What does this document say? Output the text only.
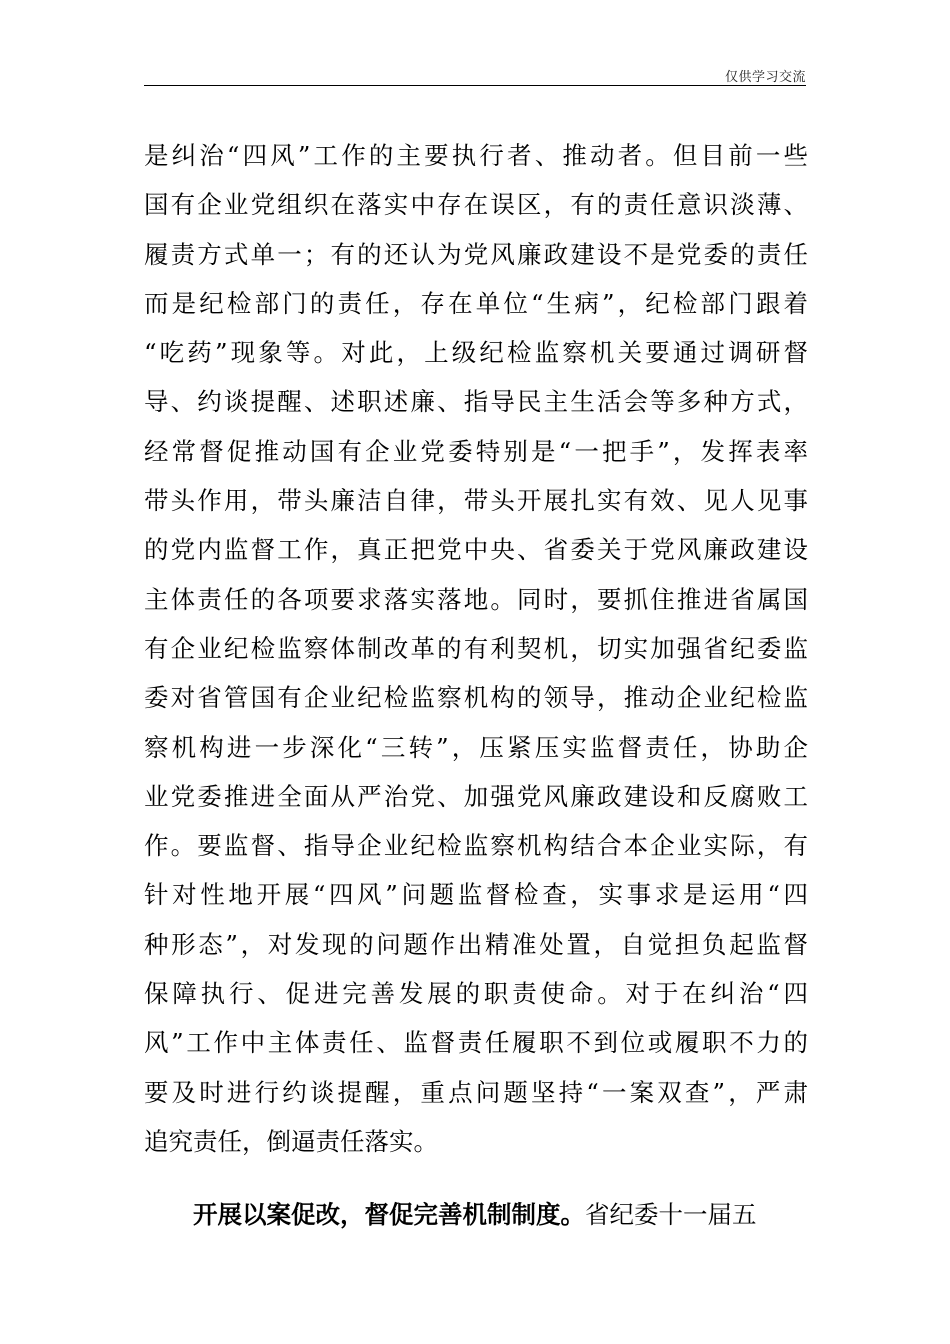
仅供学习交流
是纠治“四风”工作的主要执行者、推动者。但目前一些
国有企业党组织在落实中存在误区，有的责任意识淡薄、
履责方式单一；有的还认为党风廉政建设不是党委的责任
而是纪检部门的责任，存在单位“生病”，纪检部门跟着
“吃药”现象等。对此，上级纪检监察机关要通过调研督
导、约谈提醒、述职述廉、指导民主生活会等多种方式，
经常督促推动国有企业党委特别是“一把手”，发挥表率
带头作用，带头廉洁自律，带头开展扎实有效、见人见事
的党内监督工作，真正把党中央、省委关于党风廉政建设
主体责任的各项要求落实落地。同时，要抓住推进省属国
有企业纪检监察体制改革的有利契机，切实加强省纪委监
委对省管国有企业纪检监察机构的领导，推动企业纪检监
察机构进一步深化“三转”，压紧压实监督责任，协助企
业党委推进全面从严治党、加强党风廉政建设和反腐败工
作。要监督、指导企业纪检监察机构结合本企业实际，有
针对性地开展“四风”问题监督检查，实事求是运用“四
种形态”，对发现的问题作出精准处置，自觉担负起监督
保障执行、促进完善发展的职责使命。对于在纠治“四
风”工作中主体责任、监督责任履职不到位或履职不力的
要及时进行约谈提醒，重点问题坚持“一案双查”，严肃
追究责任，倒逼责任落实。
开展以案促改，督促完善机制制度。省纪委十一届五
